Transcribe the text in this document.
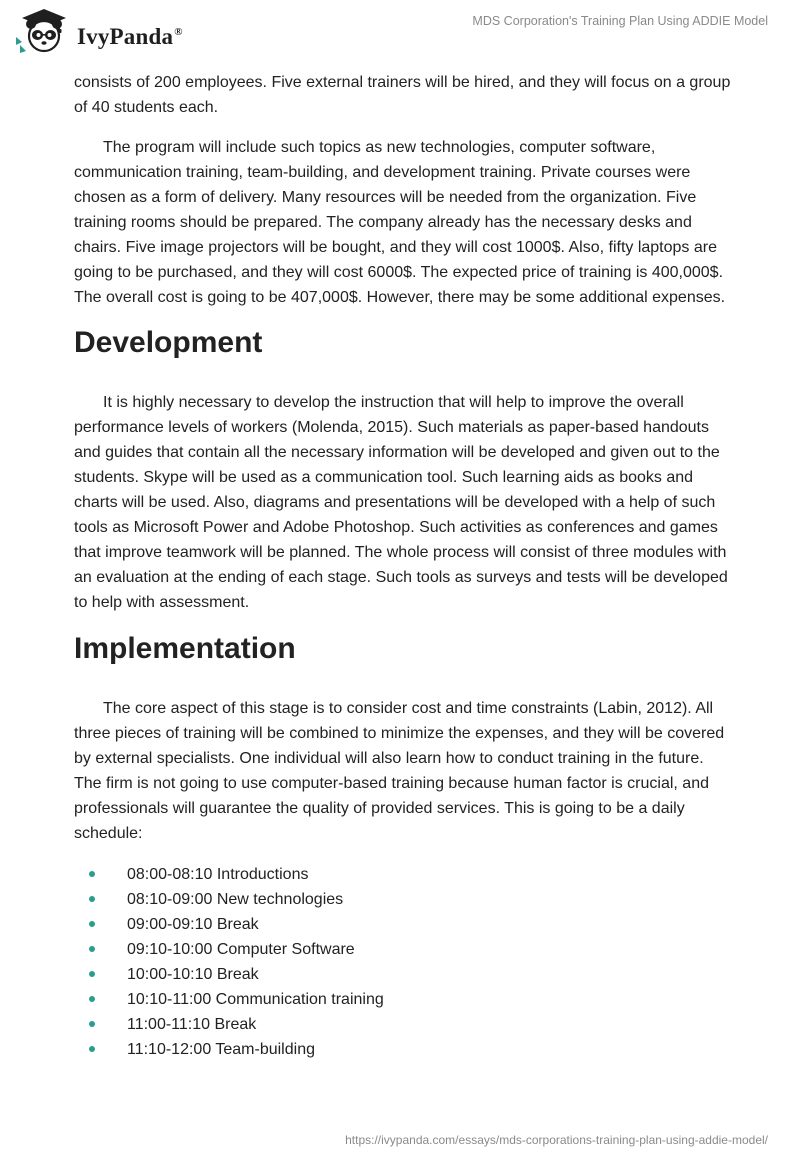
IvyPanda®
MDS Corporation's Training Plan Using ADDIE Model

consists of 200 employees. Five external trainers will be hired, and they will focus on a group of 40 students each.

The program will include such topics as new technologies, computer software, communication training, team-building, and development training. Private courses were chosen as a form of delivery. Many resources will be needed from the organization. Five training rooms should be prepared. The company already has the necessary desks and chairs. Five image projectors will be bought, and they will cost 1000$. Also, fifty laptops are going to be purchased, and they will cost 6000$. The expected price of training is 400,000$. The overall cost is going to be 407,000$. However, there may be some additional expenses.

Development

It is highly necessary to develop the instruction that will help to improve the overall performance levels of workers (Molenda, 2015). Such materials as paper-based handouts and guides that contain all the necessary information will be developed and given out to the students. Skype will be used as a communication tool. Such learning aids as books and charts will be used. Also, diagrams and presentations will be developed with a help of such tools as Microsoft Power and Adobe Photoshop. Such activities as conferences and games that improve teamwork will be planned. The whole process will consist of three modules with an evaluation at the ending of each stage. Such tools as surveys and tests will be developed to help with assessment.

Implementation

The core aspect of this stage is to consider cost and time constraints (Labin, 2012). All three pieces of training will be combined to minimize the expenses, and they will be covered by external specialists. One individual will also learn how to conduct training in the future. The firm is not going to use computer-based training because human factor is crucial, and professionals will guarantee the quality of provided services. This is going to be a daily schedule:

08:00-08:10 Introductions
08:10-09:00 New technologies
09:00-09:10 Break
09:10-10:00 Computer Software
10:00-10:10 Break
10:10-11:00 Communication training
11:00-11:10 Break
11:10-12:00 Team-building
https://ivypanda.com/essays/mds-corporations-training-plan-using-addie-model/
